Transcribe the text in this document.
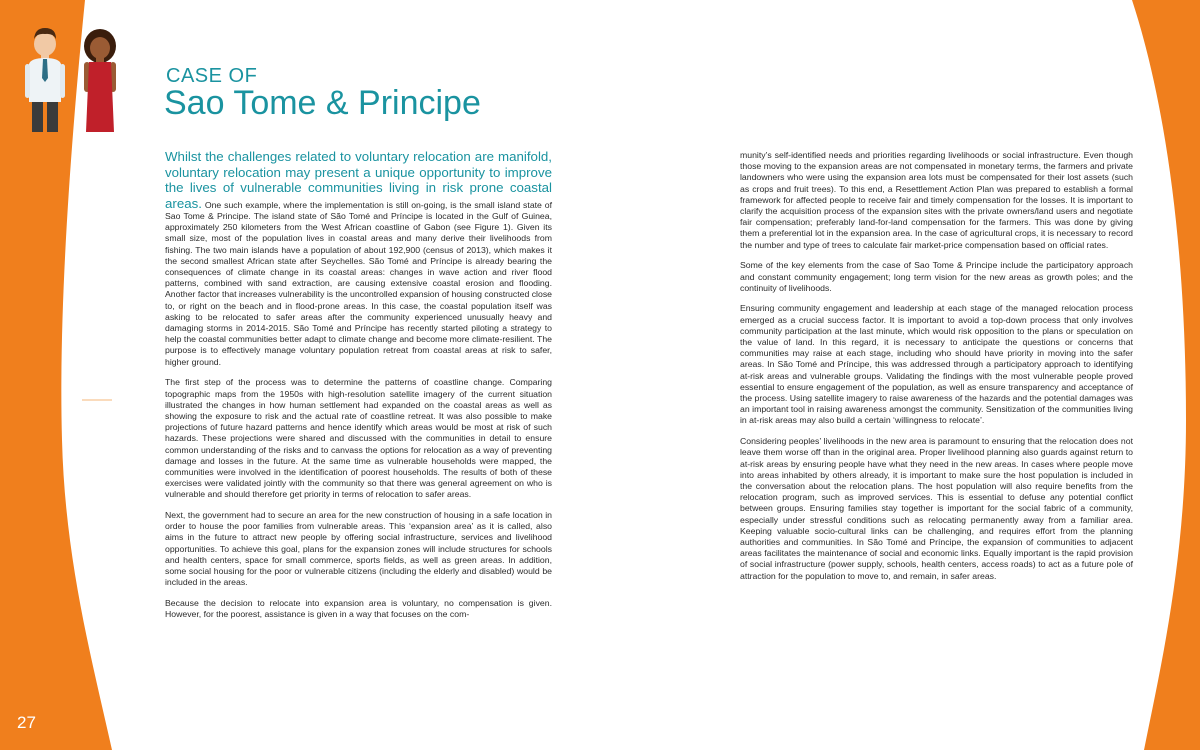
CASE OF
Sao Tome & Principe

Whilst the challenges related to voluntary relocation are manifold, voluntary relocation may present a unique opportunity to improve the lives of vulnerable communities living in risk prone coastal areas. One such example, where the implementation is still on-going, is the small island state of Sao Tome & Principe. The island state of São Tomé and Príncipe is located in the Gulf of Guinea, approximately 250 kilometers from the West African coastline of Gabon (see Figure 1). Given its small size, most of the population lives in coastal areas and many derive their livelihoods from fishing. The two main islands have a population of about 192,900 (census of 2013), which makes it the second smallest African state after Seychelles. São Tomé and Príncipe is already bearing the consequences of climate change in its coastal areas: changes in wave action and river flood patterns, combined with sand extraction, are causing extensive coastal erosion and flooding. Another factor that increases vulnerability is the uncontrolled expansion of housing constructed close to, or right on the beach and in flood-prone areas. In this case, the coastal population itself was asking to be relocated to safer areas after the community experienced unusually heavy and damaging storms in 2014-2015. São Tomé and Príncipe has recently started piloting a strategy to help the coastal communities better adapt to climate change and become more climate-resilient. The purpose is to effectively manage voluntary population retreat from coastal areas at risk to safer, higher ground.

The first step of the process was to determine the patterns of coastline change. Comparing topographic maps from the 1950s with high-resolution satellite imagery of the current situation illustrated the changes in how human settlement had expanded on the coastal areas as well as showing the exposure to risk and the actual rate of coastline retreat. It was also possible to make projections of future hazard patterns and hence identify which areas would be most at risk of such hazards. These projections were shared and discussed with the communities in detail to ensure common understanding of the risks and to canvass the options for relocation as a way of preventing damage and losses in the future. At the same time as vulnerable households were mapped, the communities were involved in the identification of poorest households. The results of both of these exercises were validated jointly with the community so that there was general agreement on who is vulnerable and should therefore get priority in terms of relocation to safer areas.

Next, the government had to secure an area for the new construction of housing in a safe location in order to house the poor families from vulnerable areas. This ‘expansion area’ as it is called, also aims in the future to attract new people by offering social infrastructure, services and livelihood opportunities. To achieve this goal, plans for the expansion zones will include structures for schools and health centers, space for small commerce, sports fields, as well as green areas. In addition, some social housing for the poor or vulnerable citizens (including the elderly and disabled) would be included in the areas.

Because the decision to relocate into expansion area is voluntary, no compensation is given. However, for the poorest, assistance is given in a way that focuses on the com-

munity’s self-identified needs and priorities regarding livelihoods or social infrastructure. Even though those moving to the expansion areas are not compensated in monetary terms, the farmers and private landowners who were using the expansion area lots must be compensated for their lost assets (such as crops and fruit trees). To this end, a Resettlement Action Plan was prepared to establish a formal framework for affected people to receive fair and timely compensation for the losses. It is important to clarify the acquisition process of the expansion sites with the private owners/land users and negotiate fair compensation; preferably land-for-land compensation for the farmers. This was done by giving them a preferential lot in the expansion area. In the case of agricultural crops, it is necessary to record the number and type of trees to calculate fair market-price compensation based on official rates.

Some of the key elements from the case of Sao Tome & Principe include the participatory approach and constant community engagement; long term vision for the new areas as growth poles; and the continuity of livelihoods.

Ensuring community engagement and leadership at each stage of the managed relocation process emerged as a crucial success factor. It is important to avoid a top-down process that only involves community participation at the last minute, which would risk opposition to the plans or speculation on the value of land. In this regard, it is necessary to anticipate the questions or concerns that communities may raise at each stage, including who should have priority in moving into the safer areas. In São Tomé and Príncipe, this was addressed through a participatory approach to identifying at-risk areas and vulnerable groups. Validating the findings with the most vulnerable people proved essential to ensure engagement of the population, as well as ensure transparency and acceptance of the process. Using satellite imagery to raise awareness of the hazards and the potential damages was an important tool in raising awareness amongst the community. Sensitization of the communities living in at-risk areas may also build a certain ‘willingness to relocate’.

Considering peoples’ livelihoods in the new area is paramount to ensuring that the relocation does not leave them worse off than in the original area. Proper livelihood planning also guards against return to at-risk areas by ensuring people have what they need in the new areas. In cases where people move into areas inhabited by others already, it is important to make sure the host population is included in the conversation about the relocation plans. The host population will also require benefits from the relocation program, such as improved services. This is essential to defuse any potential conflict between groups. Ensuring families stay together is important for the social fabric of a community, especially under stressful conditions such as relocating permanently away from a familiar area. Keeping valuable socio-cultural links can be challenging, and requires effort from the planning authorities and communities. In São Tomé and Príncipe, the expansion of communities to adjacent areas facilitates the maintenance of social and economic links. Equally important is the rapid provision of social infrastructure (power supply, schools, health centers, access roads) to act as a future pole of attraction for the population to move to, and remain, in safer areas.

27
